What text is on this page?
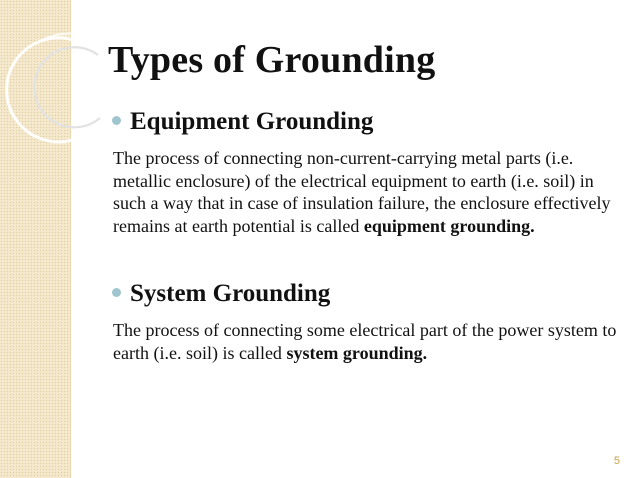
Types of Grounding
Equipment Grounding

The process of connecting non-current-carrying metal parts (i.e. metallic enclosure) of the electrical equipment to earth (i.e. soil) in such a way that in case of insulation failure, the enclosure effectively remains at earth potential is called equipment grounding.

System Grounding

The process of connecting some electrical part of the power system to earth (i.e. soil) is called system grounding.

5
